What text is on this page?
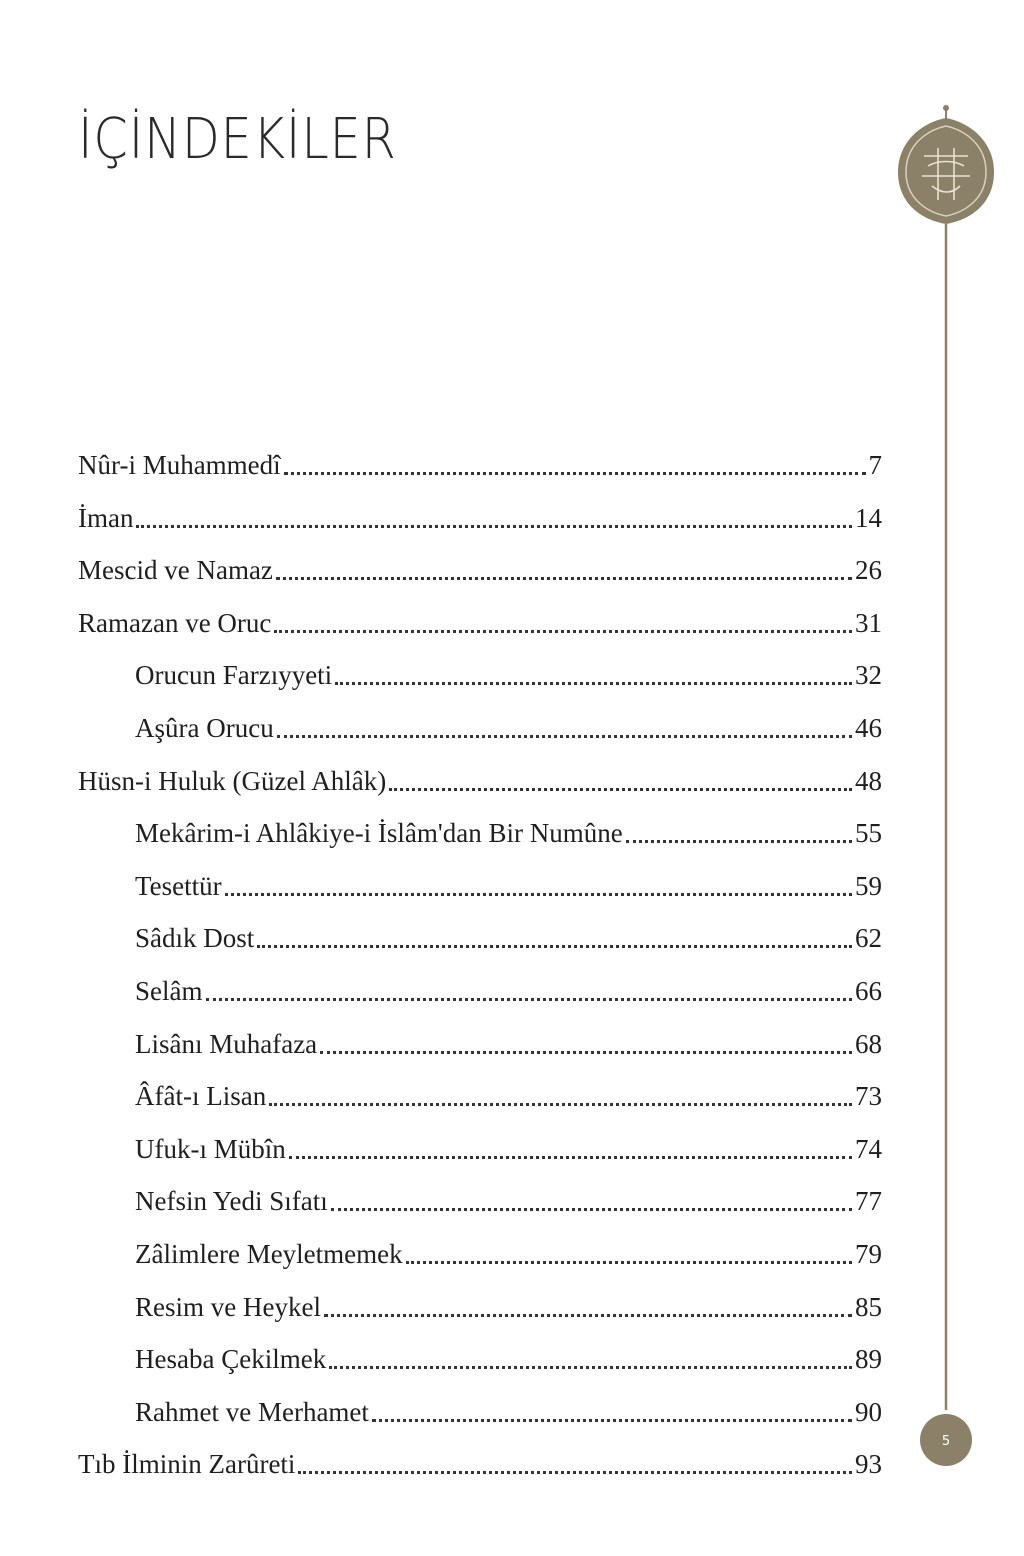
İÇİNDEKİLER
5
Nûr-i Muhammedî	7
İman	14
Mescid ve Namaz	26
Ramazan ve Oruc	31
Orucun Farzıyyeti	32
Aşûra Orucu	46
Hüsn-i Huluk (Güzel Ahlâk)	48
Mekârim-i Ahlâkiye-i İslâm'dan Bir Numûne	55
Tesettür	59
Sâdık Dost	62
Selâm	66
Lisânı Muhafaza	68
Âfât-ı Lisan	73
Ufuk-ı Mübîn	74
Nefsin Yedi Sıfatı	77
Zâlimlere Meyletmemek	79
Resim ve Heykel	85
Hesaba Çekilmek	89
Rahmet ve Merhamet	90
Tıb İlminin Zarûreti	93
